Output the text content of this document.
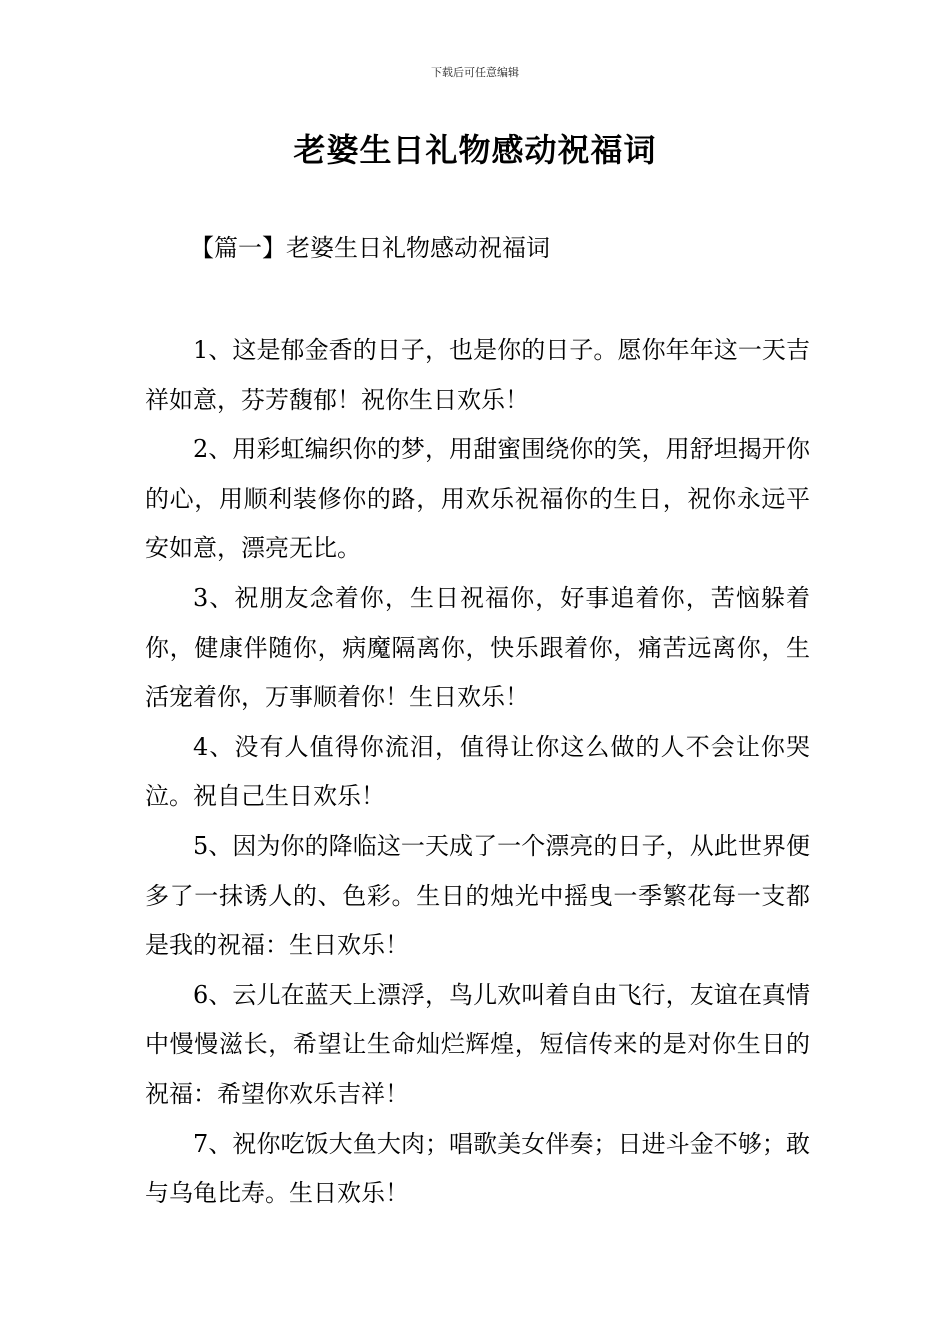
下载后可任意编辑
老婆生日礼物感动祝福词
【篇一】老婆生日礼物感动祝福词
1、这是郁金香的日子，也是你的日子。愿你年年这一天吉祥如意，芬芳馥郁！祝你生日欢乐！
2、用彩虹编织你的梦，用甜蜜围绕你的笑，用舒坦揭开你的心，用顺利装修你的路，用欢乐祝福你的生日，祝你永远平安如意，漂亮无比。
3、祝朋友念着你，生日祝福你，好事追着你，苦恼躲着你，健康伴随你，病魔隔离你，快乐跟着你，痛苦远离你，生活宠着你，万事顺着你！生日欢乐！
4、没有人值得你流泪，值得让你这么做的人不会让你哭泣。祝自己生日欢乐！
5、因为你的降临这一天成了一个漂亮的日子，从此世界便多了一抹诱人的、色彩。生日的烛光中摇曳一季繁花每一支都是我的祝福：生日欢乐！
6、云儿在蓝天上漂浮，鸟儿欢叫着自由飞行，友谊在真情中慢慢滋长，希望让生命灿烂辉煌，短信传来的是对你生日的祝福：希望你欢乐吉祥！
7、祝你吃饭大鱼大肉；唱歌美女伴奏；日进斗金不够；敢与乌龟比寿。生日欢乐！
